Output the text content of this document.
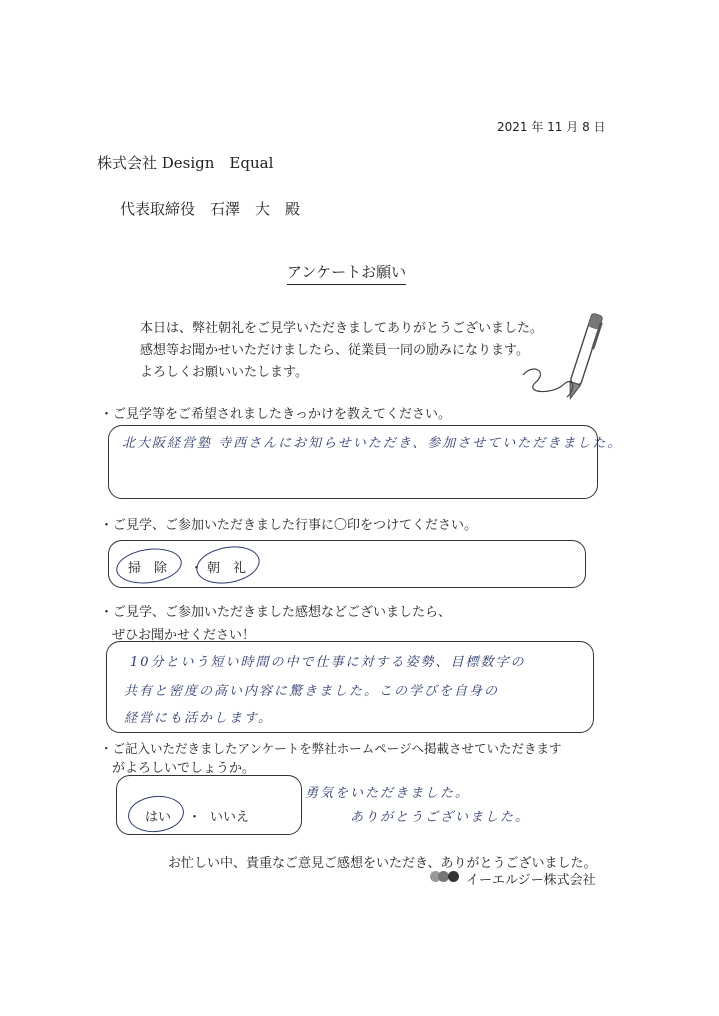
2021 年 11 月 8 日
株式会社 Design　Equal
代表取締役　石澤　大　殿
アンケートお願い
本日は、弊社朝礼をご見学いただきましてありがとうございました。
感想等お聞かせいただけましたら、従業員一同の励みになります。
よろしくお願いいたします。
・ご見学等をご希望されましたきっかけを教えてください。
北大阪経営塾 寺西さんにお知らせいただき、参加させていただきました。
・ご見学、ご参加いただきました行事に〇印をつけてください。
掃　除 ・ 朝　礼
・ご見学、ご参加いただきました感想などございましたら、
ぜひお聞かせください！
10分という短い時間の中で仕事に対する姿勢、目標数字の
共有と密度の高い内容に驚きました。この学びを自身の
経営にも活かします。
・ご記入いただきましたアンケートを弊社ホームページへ掲載させていただきます
がよろしいでしょうか。
はい ・ いいえ
勇気をいただきました。
ありがとうございました。
お忙しい中、貴重なご意見ご感想をいただき、ありがとうございました。
イーエルジー株式会社
